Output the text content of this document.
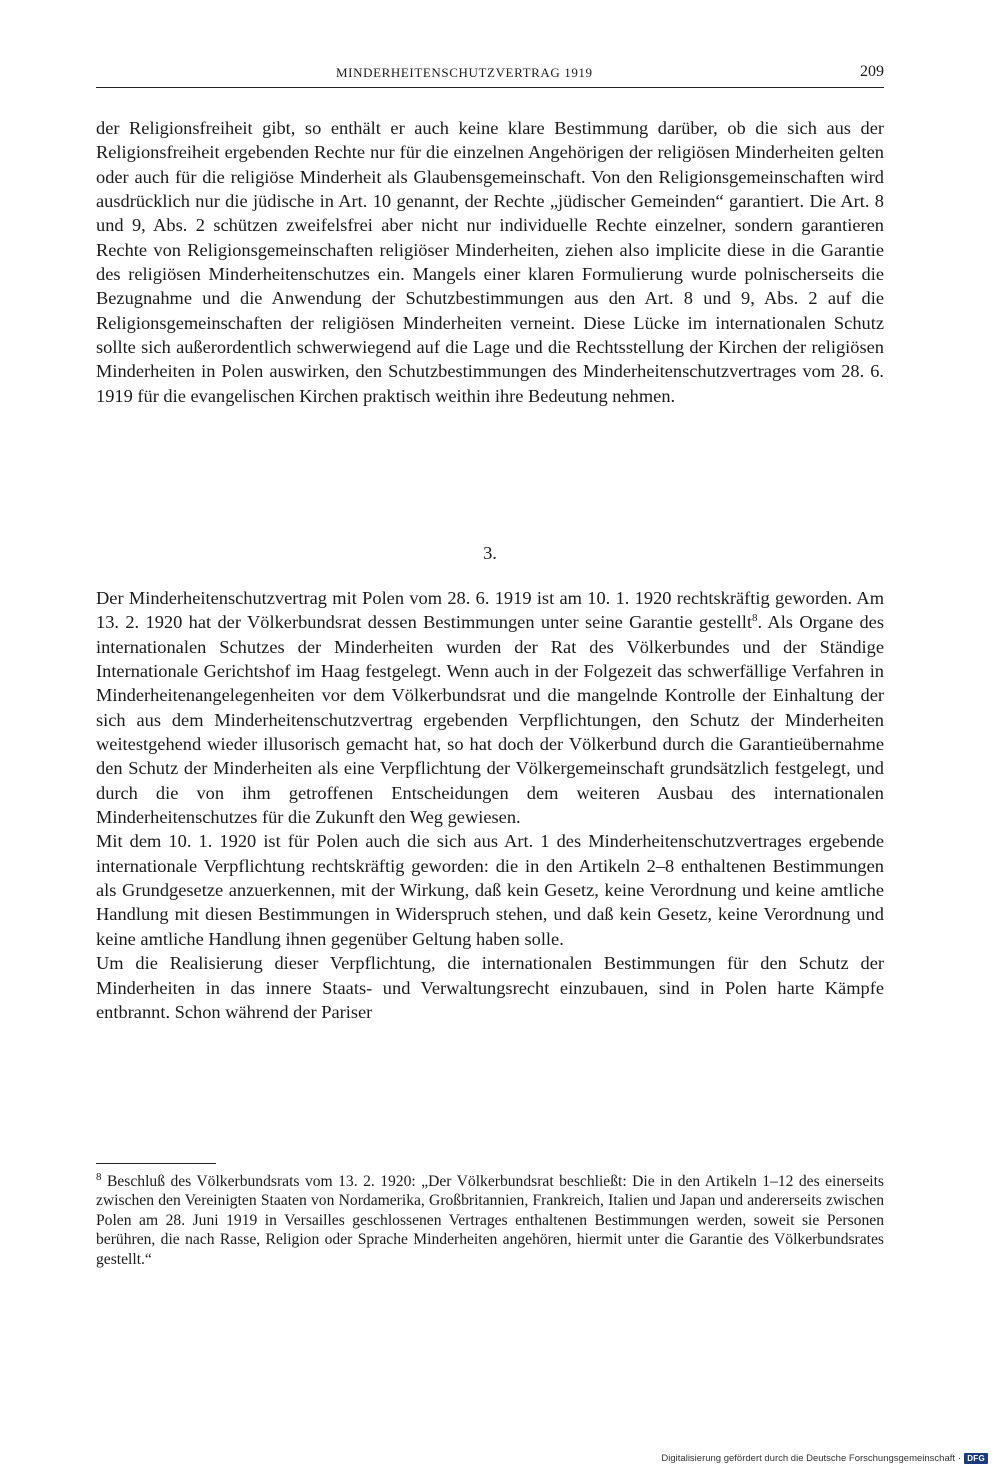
MINDERHEITENSCHUTZVERTRAG 1919	209

der Religionsfreiheit gibt, so enthält er auch keine klare Bestimmung darüber, ob die sich aus der Religionsfreiheit ergebenden Rechte nur für die einzelnen Angehörigen der religiösen Minderheiten gelten oder auch für die religiöse Minderheit als Glaubensgemeinschaft. Von den Religionsgemeinschaften wird ausdrücklich nur die jüdische in Art. 10 genannt, der Rechte „jüdischer Gemeinden“ garantiert. Die Art. 8 und 9, Abs. 2 schützen zweifelsfrei aber nicht nur individuelle Rechte einzelner, sondern garantieren Rechte von Religionsgemeinschaften religiöser Minderheiten, ziehen also implicite diese in die Garantie des religiösen Minderheitenschutzes ein. Mangels einer klaren Formulierung wurde polnischerseits die Bezugnahme und die Anwendung der Schutzbestimmungen aus den Art. 8 und 9, Abs. 2 auf die Religionsgemeinschaften der religiösen Minderheiten verneint. Diese Lücke im internationalen Schutz sollte sich außerordentlich schwerwiegend auf die Lage und die Rechtsstellung der Kirchen der religiösen Minderheiten in Polen auswirken, den Schutzbestimmungen des Minderheitenschutzvertrages vom 28. 6. 1919 für die evangelischen Kirchen praktisch weithin ihre Bedeutung nehmen.

3.

Der Minderheitenschutzvertrag mit Polen vom 28. 6. 1919 ist am 10. 1. 1920 rechtskräftig geworden. Am 13. 2. 1920 hat der Völkerbundsrat dessen Bestimmungen unter seine Garantie gestellt$^8$. Als Organe des internationalen Schutzes der Minderheiten wurden der Rat des Völkerbundes und der Ständige Internationale Gerichtshof im Haag festgelegt. Wenn auch in der Folgezeit das schwerfällige Verfahren in Minderheitenangelegenheiten vor dem Völkerbundsrat und die mangelnde Kontrolle der Einhaltung der sich aus dem Minderheitenschutzvertrag ergebenden Verpflichtungen, den Schutz der Minderheiten weitestgehend wieder illusorisch gemacht hat, so hat doch der Völkerbund durch die Garantieübernahme den Schutz der Minderheiten als eine Verpflichtung der Völkergemeinschaft grundsätzlich festgelegt, und durch die von ihm getroffenen Entscheidungen dem weiteren Ausbau des internationalen Minderheitenschutzes für die Zukunft den Weg gewiesen.

Mit dem 10. 1. 1920 ist für Polen auch die sich aus Art. 1 des Minderheitenschutzvertrages ergebende internationale Verpflichtung rechtskräftig geworden: die in den Artikeln 2–8 enthaltenen Bestimmungen als Grundgesetze anzuerkennen, mit der Wirkung, daß kein Gesetz, keine Verordnung und keine amtliche Handlung mit diesen Bestimmungen in Widerspruch stehen, und daß kein Gesetz, keine Verordnung und keine amtliche Handlung ihnen gegenüber Geltung haben solle.

Um die Realisierung dieser Verpflichtung, die internationalen Bestimmungen für den Schutz der Minderheiten in das innere Staats- und Verwaltungsrecht einzubauen, sind in Polen harte Kämpfe entbrannt. Schon während der Pariser

$^8$ Beschluß des Völkerbundsrats vom 13. 2. 1920: „Der Völkerbundsrat beschließt: Die in den Artikeln 1–12 des einerseits zwischen den Vereinigten Staaten von Nordamerika, Großbritannien, Frankreich, Italien und Japan und andererseits zwischen Polen am 28. Juni 1919 in Versailles geschlossenen Vertrages enthaltenen Bestimmungen werden, soweit sie Personen berühren, die nach Rasse, Religion oder Sprache Minderheiten angehören, hiermit unter die Garantie des Völkerbundsrates gestellt.“
Digitalisierung gefördert durch die Deutsche Forschungsgemeinschaft · DFG
